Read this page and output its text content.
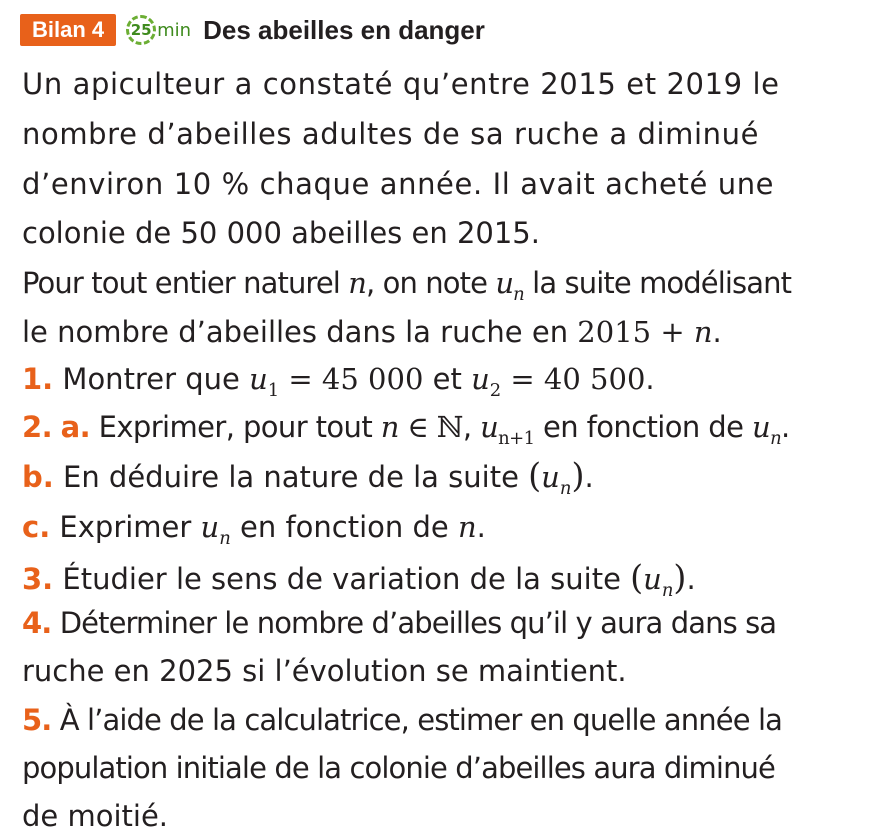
Bilan 4	25 min Des abeilles en danger
Un apiculteur a constaté qu’entre 2015 et 2019 le
nombre d’abeilles adultes de sa ruche a diminué
d’environ 10 % chaque année. Il avait acheté une
colonie de 50 000 abeilles en 2015.
Pour tout entier naturel n, on note $u_n$ la suite modélisant
le nombre d’abeilles dans la ruche en 2015 + n.
1. Montrer que $u_1 = 45$ 000 et $u_2 = 40$ 500.
2. a. Exprimer, pour tout n ∈ ℕ, $u_{n+1}$ en fonction de $u_n$.
b. En déduire la nature de la suite $(u_n)$.
c. Exprimer $u_n$ en fonction de n.
3. Étudier le sens de variation de la suite $(u_n)$.
4. Déterminer le nombre d’abeilles qu’il y aura dans sa
ruche en 2025 si l’évolution se maintient.
5. À l’aide de la calculatrice, estimer en quelle année la
population initiale de la colonie d’abeilles aura diminué
de moitié.
